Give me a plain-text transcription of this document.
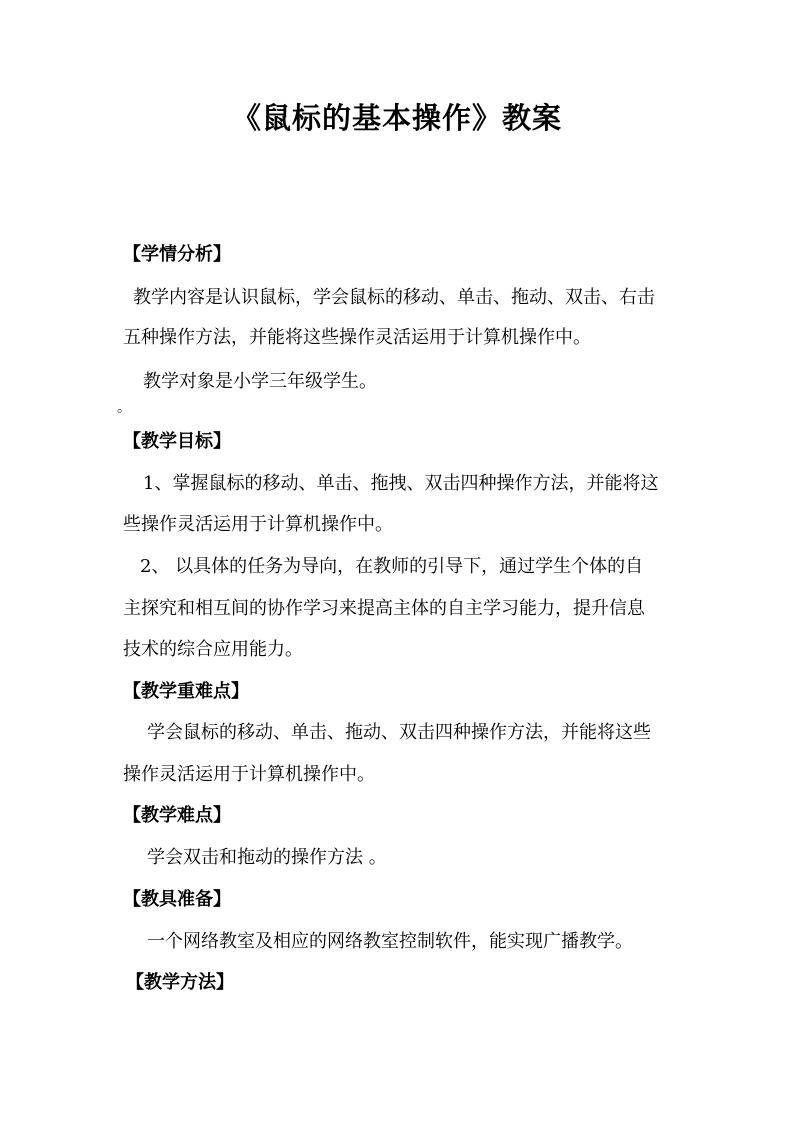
《鼠标的基本操作》教案
【学情分析】
教学内容是认识鼠标，学会鼠标的移动、单击、拖动、双击、右击
五种操作方法，并能将这些操作灵活运用于计算机操作中。
教学对象是小学三年级学生。
。
【教学目标】
1、掌握鼠标的移动、单击、拖拽、双击四种操作方法，并能将这
些操作灵活运用于计算机操作中。
2、 以具体的任务为导向，在教师的引导下，通过学生个体的自
主探究和相互间的协作学习来提高主体的自主学习能力，提升信息
技术的综合应用能力。
【教学重难点】
学会鼠标的移动、单击、拖动、双击四种操作方法，并能将这些
操作灵活运用于计算机操作中。
【教学难点】
学会双击和拖动的操作方法 。
【教具准备】
一个网络教室及相应的网络教室控制软件，能实现广播教学。
【教学方法】
